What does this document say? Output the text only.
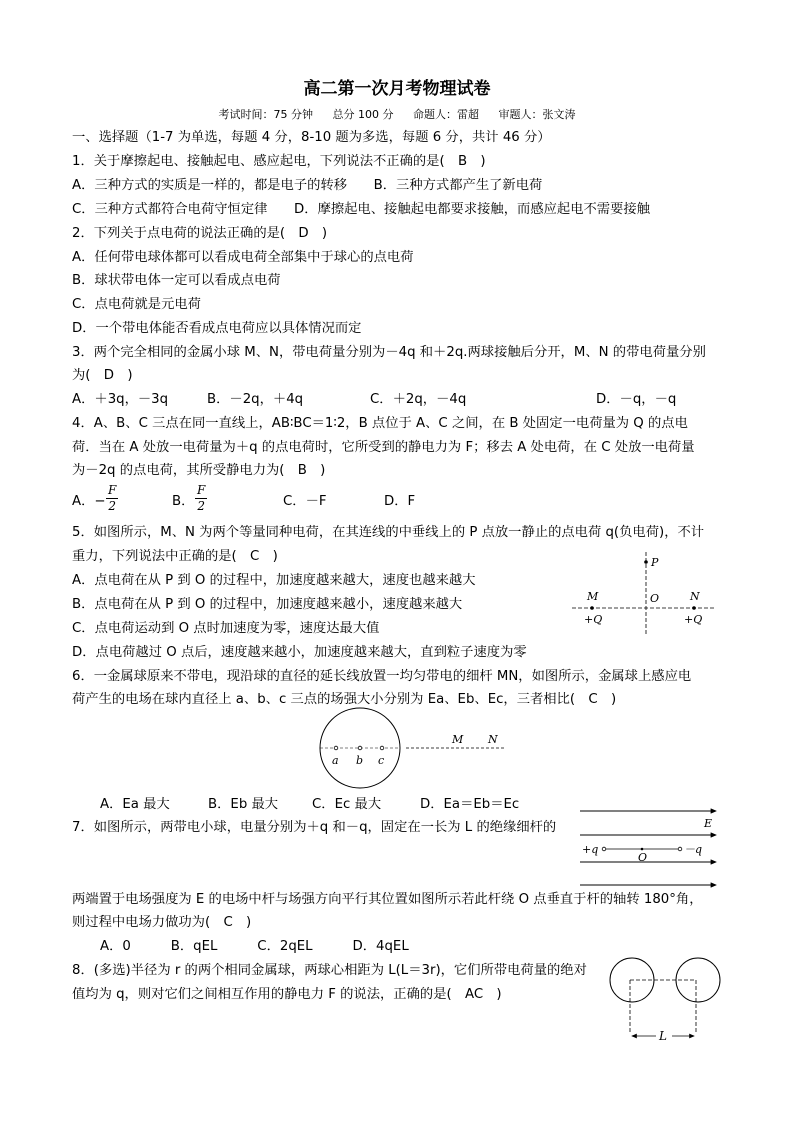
高二第一次月考物理试卷
考试时间：75 分钟 总分 100 分 命题人：雷超 审题人：张文涛
一、选择题（1-7 为单选，每题 4 分，8-10 题为多选，每题 6 分，共计 46 分）
1．关于摩擦起电、接触起电、感应起电，下列说法不正确的是(　B　)
A．三种方式的实质是一样的，都是电子的转移　　B．三种方式都产生了新电荷
C．三种方式都符合电荷守恒定律　　D．摩擦起电、接触起电都要求接触，而感应起电不需要接触
2．下列关于点电荷的说法正确的是(　D　)
A．任何带电球体都可以看成电荷全部集中于球心的点电荷
B．球状带电体一定可以看成点电荷
C．点电荷就是元电荷
D．一个带电体能否看成点电荷应以具体情况而定
3．两个完全相同的金属小球 M、N，带电荷量分别为－4q 和＋2q.两球接触后分开，M、N 的带电荷量分别
为(　D　)
A．＋3q，－3q	B．－2q，＋4q	C．＋2q，－4q	D．－q，－q
4．A、B、C 三点在同一直线上，AB∶BC＝1∶2，B 点位于 A、C 之间，在 B 处固定一电荷量为 Q 的点电
荷．当在 A 处放一电荷量为＋q 的点电荷时，它所受到的静电力为 F；移去 A 处电荷，在 C 处放一电荷量
为－2q 的点电荷，其所受静电力为(　B　)
A．− $\frac{F}{2}$	B． $\frac{F}{2}$	C．－F	D．F
5．如图所示，M、N 为两个等量同种电荷，在其连线的中垂线上的 P 点放一静止的点电荷 q(负电荷)，不计
重力，下列说法中正确的是(　C　)
A．点电荷在从 P 到 O 的过程中，加速度越来越大，速度也越来越大
B．点电荷在从 P 到 O 的过程中，加速度越来越小，速度越来越大
C．点电荷运动到 O 点时加速度为零，速度达最大值
D．点电荷越过 O 点后，速度越来越小，加速度越来越大，直到粒子速度为零
P
M	O	N
+Q	+Q
6．一金属球原来不带电，现沿球的直径的延长线放置一均匀带电的细杆 MN，如图所示，金属球上感应电
荷产生的电场在球内直径上 a、b、c 三点的场强大小分别为 Ea、Eb、Ec，三者相比(　C　)
a b c
M N
A．Ea 最大	B．Eb 最大	C．Ec 最大	D．Ea＝Eb＝Ec
7．如图所示，两带电小球，电量分别为＋q 和－q，固定在一长为 L 的绝缘细杆的	E
+q
O
－q
两端置于电场强度为 E 的电场中杆与场强方向平行其位置如图所示若此杆绕 O 点垂直于杆的轴转 180°角，
则过程中电场力做功为(　C　)
A．0　　　B．qEL　　　C．2qEL　　　D．4qEL
8．(多选)半径为 r 的两个相同金属球，两球心相距为 L(L＝3r)，它们所带电荷量的绝对
值均为 q，则对它们之间相互作用的静电力 F 的说法，正确的是(　AC　)
L
